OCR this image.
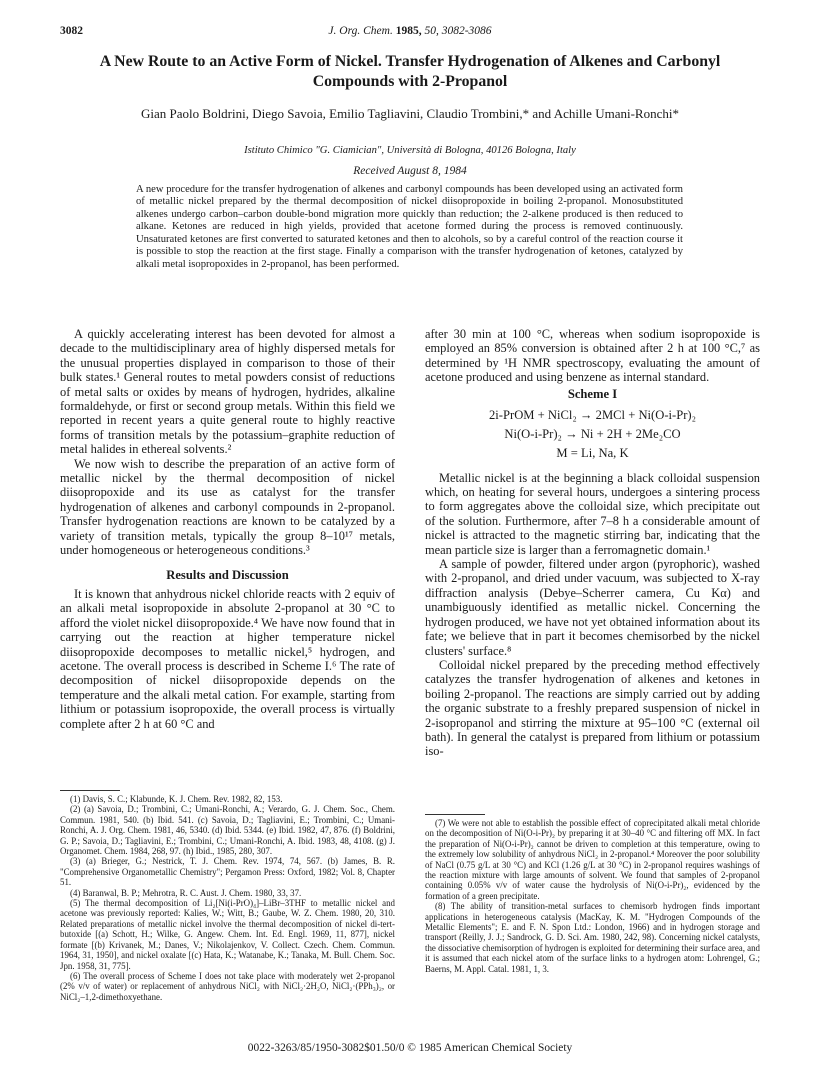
3082	J. Org. Chem. 1985, 50, 3082-3086
A New Route to an Active Form of Nickel. Transfer Hydrogenation of Alkenes and Carbonyl Compounds with 2-Propanol
Gian Paolo Boldrini, Diego Savoia, Emilio Tagliavini, Claudio Trombini,* and Achille Umani-Ronchi*
Istituto Chimico "G. Ciamician", Università di Bologna, 40126 Bologna, Italy
Received August 8, 1984
A new procedure for the transfer hydrogenation of alkenes and carbonyl compounds has been developed using an activated form of metallic nickel prepared by the thermal decomposition of nickel diisopropoxide in boiling 2-propanol. Monosubstituted alkenes undergo carbon–carbon double-bond migration more quickly than reduction; the 2-alkene produced is then reduced to alkane. Ketones are reduced in high yields, provided that acetone formed during the process is removed continuously. Unsaturated ketones are first converted to saturated ketones and then to alcohols, so by a careful control of the reaction course it is possible to stop the reaction at the first stage. Finally a comparison with the transfer hydrogenation of ketones, catalyzed by alkali metal isopropoxides in 2-propanol, has been performed.

A quickly accelerating interest has been devoted for almost a decade to the multidisciplinary area of highly dispersed metals for the unusual properties displayed in comparison to those of their bulk states.¹ General routes to metal powders consist of reductions of metal salts or oxides by means of hydrogen, hydrides, alkaline formaldehyde, or first or second group metals. Within this field we reported in recent years a quite general route to highly reactive forms of transition metals by the potassium–graphite reduction of metal halides in ethereal solvents.²

We now wish to describe the preparation of an active form of metallic nickel by the thermal decomposition of nickel diisopropoxide and its use as catalyst for the transfer hydrogenation of alkenes and carbonyl compounds in 2-propanol. Transfer hydrogenation reactions are known to be catalyzed by a variety of transition metals, typically the group 8–10¹⁷ metals, under homogeneous or heterogeneous conditions.³

Results and Discussion

It is known that anhydrous nickel chloride reacts with 2 equiv of an alkali metal isopropoxide in absolute 2-propanol at 30 °C to afford the violet nickel diisopropoxide.⁴ We have now found that in carrying out the reaction at higher temperature nickel diisopropoxide decomposes to metallic nickel,⁵ hydrogen, and acetone. The overall process is described in Scheme I.⁶ The rate of decomposition of nickel diisopropoxide depends on the temperature and the alkali metal cation. For example, starting from lithium or potassium isopropoxide, the overall process is virtually complete after 2 h at 60 °C and

after 30 min at 100 °C, whereas when sodium isopropoxide is employed an 85% conversion is obtained after 2 h at 100 °C,⁷ as determined by ¹H NMR spectroscopy, evaluating the amount of acetone produced and using benzene as internal standard.

Scheme I
2i-PrOM + NiCl₂ → 2MCl + Ni(O-i-Pr)₂
Ni(O-i-Pr)₂ → Ni + 2H + 2Me₂CO
M = Li, Na, K

Metallic nickel is at the beginning a black colloidal suspension which, on heating for several hours, undergoes a sintering process to form aggregates above the colloidal size, which precipitate out of the solution. Furthermore, after 7–8 h a considerable amount of nickel is attracted to the magnetic stirring bar, indicating that the mean particle size is larger than a ferromagnetic domain.¹

A sample of powder, filtered under argon (pyrophoric), washed with 2-propanol, and dried under vacuum, was subjected to X-ray diffraction analysis (Debye–Scherrer camera, Cu Kα) and unambiguously identified as metallic nickel. Concerning the hydrogen produced, we have not yet obtained information about its fate; we believe that in part it becomes chemisorbed by the nickel clusters' surface.⁸

Colloidal nickel prepared by the preceding method effectively catalyzes the transfer hydrogenation of alkenes and ketones in boiling 2-propanol. The reactions are simply carried out by adding the organic substrate to a freshly prepared suspension of nickel in 2-isopropanol and stirring the mixture at 95–100 °C (external oil bath). In general the catalyst is prepared from lithium or potassium iso-

(1) Davis, S. C.; Klabunde, K. J. Chem. Rev. 1982, 82, 153.

(2) (a) Savoia, D.; Trombini, C.; Umani-Ronchi, A.; Verardo, G. J. Chem. Soc., Chem. Commun. 1981, 540. (b) Ibid. 541. (c) Savoia, D.; Tagliavini, E.; Trombini, C.; Umani-Ronchi, A. J. Org. Chem. 1981, 46, 5340. (d) Ibid. 5344. (e) Ibid. 1982, 47, 876. (f) Boldrini, G. P.; Savoia, D.; Tagliavini, E.; Trombini, C.; Umani-Ronchi, A. Ibid. 1983, 48, 4108. (g) J. Organomet. Chem. 1984, 268, 97. (h) Ibid., 1985, 280, 307.

(3) (a) Brieger, G.; Nestrick, T. J. Chem. Rev. 1974, 74, 567. (b) James, B. R. "Comprehensive Organometallic Chemistry"; Pergamon Press: Oxford, 1982; Vol. 8, Chapter 51.

(4) Baranwal, B. P.; Mehrotra, R. C. Aust. J. Chem. 1980, 33, 37.

(5) The thermal decomposition of Li₂[Ni(i-PrO)₄]–LiBr–3THF to metallic nickel and acetone was previously reported: Kalies, W.; Witt, B.; Gaube, W. Z. Chem. 1980, 20, 310. Related preparations of metallic nickel involve the thermal decomposition of nickel di-tert-butoxide [(a) Schott, H.; Wilke, G. Angew. Chem. Int. Ed. Engl. 1969, 11, 877], nickel formate [(b) Krivanek, M.; Danes, V.; Nikolajenkov, V. Collect. Czech. Chem. Commun. 1964, 31, 1950], and nickel oxalate [(c) Hata, K.; Watanabe, K.; Tanaka, M. Bull. Chem. Soc. Jpn. 1958, 31, 775].

(6) The overall process of Scheme I does not take place with moderately wet 2-propanol (2% v/v of water) or replacement of anhydrous NiCl₂ with NiCl₂·2H₂O, NiCl₂·(PPh₃)₂, or NiCl₂–1,2-dimethoxyethane.

(7) We were not able to establish the possible effect of coprecipitated alkali metal chloride on the decomposition of Ni(O-i-Pr)₂ by preparing it at 30–40 °C and filtering off MX. In fact the preparation of Ni(O-i-Pr)₂ cannot be driven to completion at this temperature, owing to the extremely low solubility of anhydrous NiCl₂ in 2-propanol.⁴ Moreover the poor solubility of NaCl (0.75 g/L at 30 °C) and KCl (1.26 g/L at 30 °C) in 2-propanol requires washings of the reaction mixture with large amounts of solvent. We found that samples of 2-propanol containing 0.05% v/v of water cause the hydrolysis of Ni(O-i-Pr)₂, evidenced by the formation of a green precipitate.

(8) The ability of transition-metal surfaces to chemisorb hydrogen finds important applications in heterogeneous catalysis (MacKay, K. M. "Hydrogen Compounds of the Metallic Elements"; E. and F. N. Spon Ltd.: London, 1966) and in hydrogen storage and transport (Reilly, J. J.; Sandrock, G. D. Sci. Am. 1980, 242, 98). Concerning nickel catalysts, the dissociative chemisorption of hydrogen is exploited for determining their surface area, and it is assumed that each nickel atom of the surface links to a hydrogen atom: Lohrengel, G.; Baerns, M. Appl. Catal. 1981, 1, 3.

0022-3263/85/1950-3082$01.50/0 © 1985 American Chemical Society
